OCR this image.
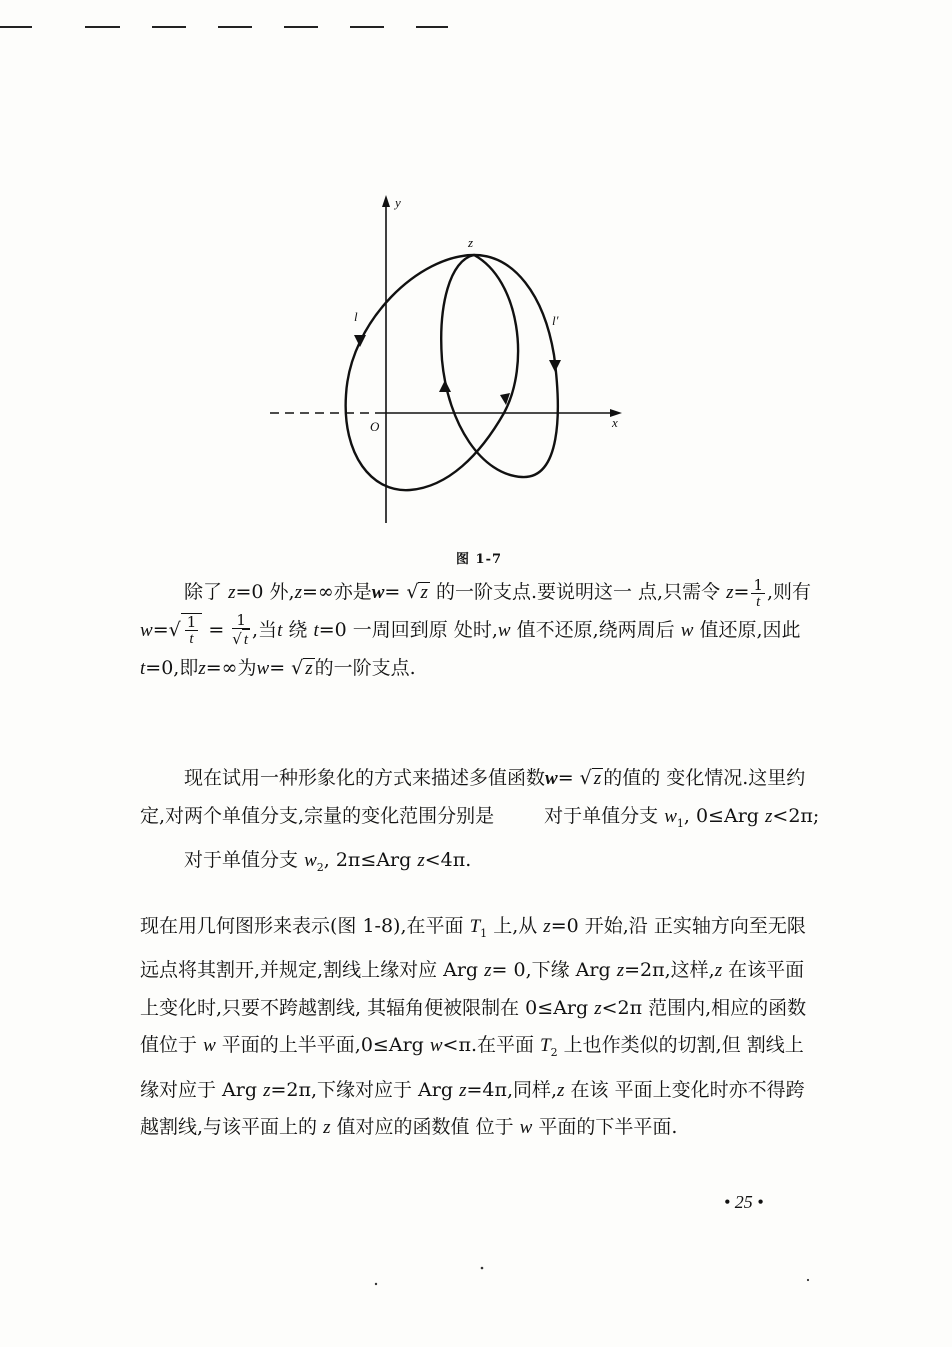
y
x
O
z
l	l′
图 1-7
除了 z=0 外,z=∞亦是w= √ z 的一阶支点.要说明这一 点,只需令 $z= \frac{1}{t}$ ,则有 $w=√ \frac{1}{t} = \frac{1}{√ t}$ ,当t 绕 t=0 一周回到原 处时,w 值不还原,绕两周后 w 值还原,因此t=0,即z=∞为w= √ z 的一阶支点.
现在试用一种形象化的方式来描述多值函数w= √ z 的值的 变化情况.这里约定,对两个单值分支,宗量的变化范围分别是	对于单值分支 $w_1$, 0≤Arg z<2π; 对于单值分支 $w_2$, 2π≤Arg z<4π.
现在用几何图形来表示(图 1-8),在平面 $T_1$ 上,从 z=0 开始,沿 正实轴方向至无限远点将其割开,并规定,割线上缘对应 Arg z= 0,下缘 Arg z=2π,这样,z 在该平面上变化时,只要不跨越割线, 其辐角便被限制在 0≤Arg z<2π 范围内,相应的函数值位于 w 平面的上半平面,0≤Arg w<π.在平面 $T_2$ 上也作类似的切割,但 割线上缘对应于 Arg z=2π,下缘对应于 Arg z=4π,同样,z 在该 平面上变化时亦不得跨越割线,与该平面上的 z 值对应的函数值 位于 w 平面的下半平面.
• 25 •
